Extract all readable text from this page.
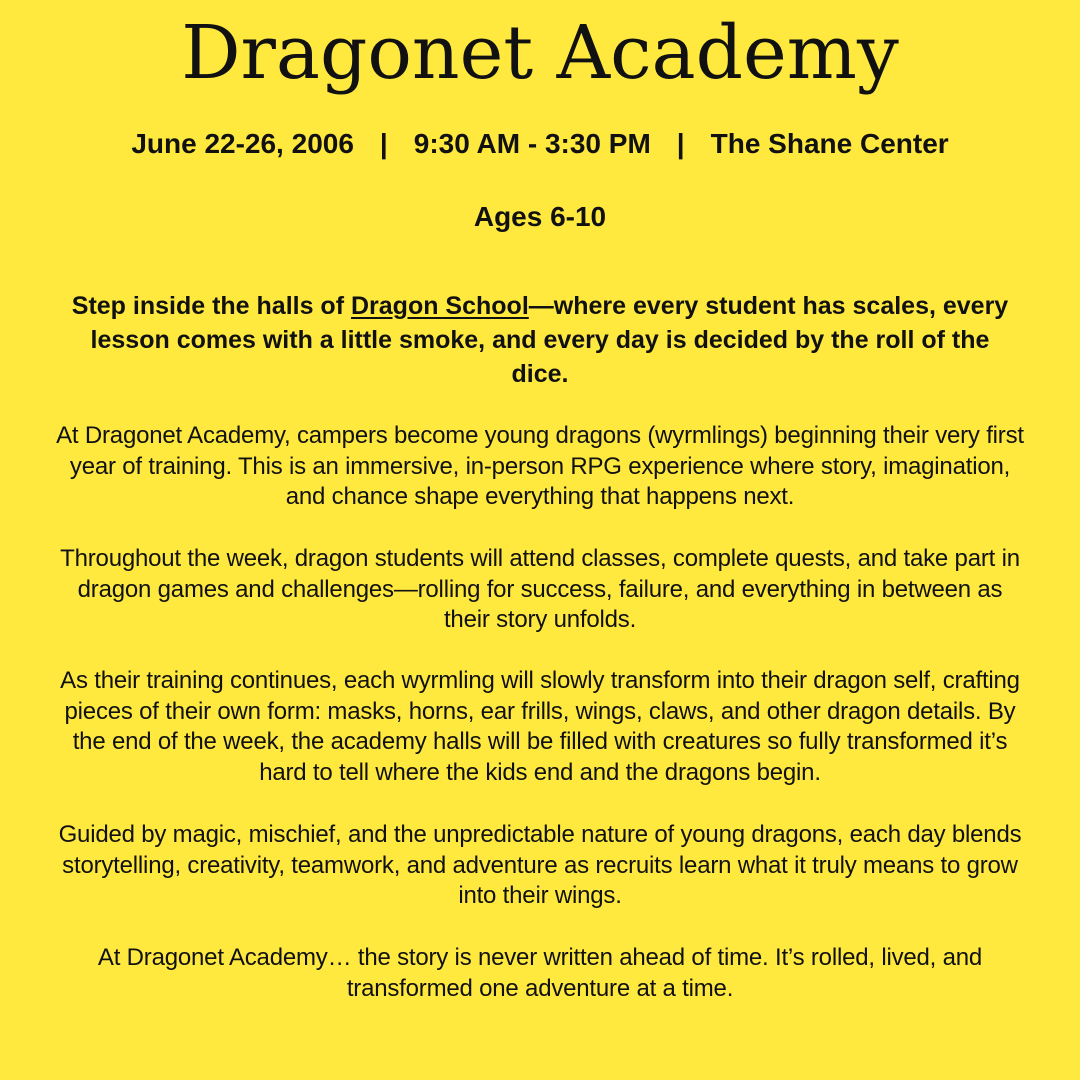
Dragonet Academy
June 22-26, 2006 | 9:30 AM - 3:30 PM | The Shane Center
Ages 6-10

Step inside the halls of Dragon School—where every student has scales, every lesson comes with a little smoke, and every day is decided by the roll of the dice.

At Dragonet Academy, campers become young dragons (wyrmlings) beginning their very first year of training. This is an immersive, in-person RPG experience where story, imagination, and chance shape everything that happens next.

Throughout the week, dragon students will attend classes, complete quests, and take part in dragon games and challenges—rolling for success, failure, and everything in between as their story unfolds.

As their training continues, each wyrmling will slowly transform into their dragon self, crafting pieces of their own form: masks, horns, ear frills, wings, claws, and other dragon details. By the end of the week, the academy halls will be filled with creatures so fully transformed it’s hard to tell where the kids end and the dragons begin.

Guided by magic, mischief, and the unpredictable nature of young dragons, each day blends storytelling, creativity, teamwork, and adventure as recruits learn what it truly means to grow into their wings.

At Dragonet Academy… the story is never written ahead of time. It’s rolled, lived, and transformed one adventure at a time.
